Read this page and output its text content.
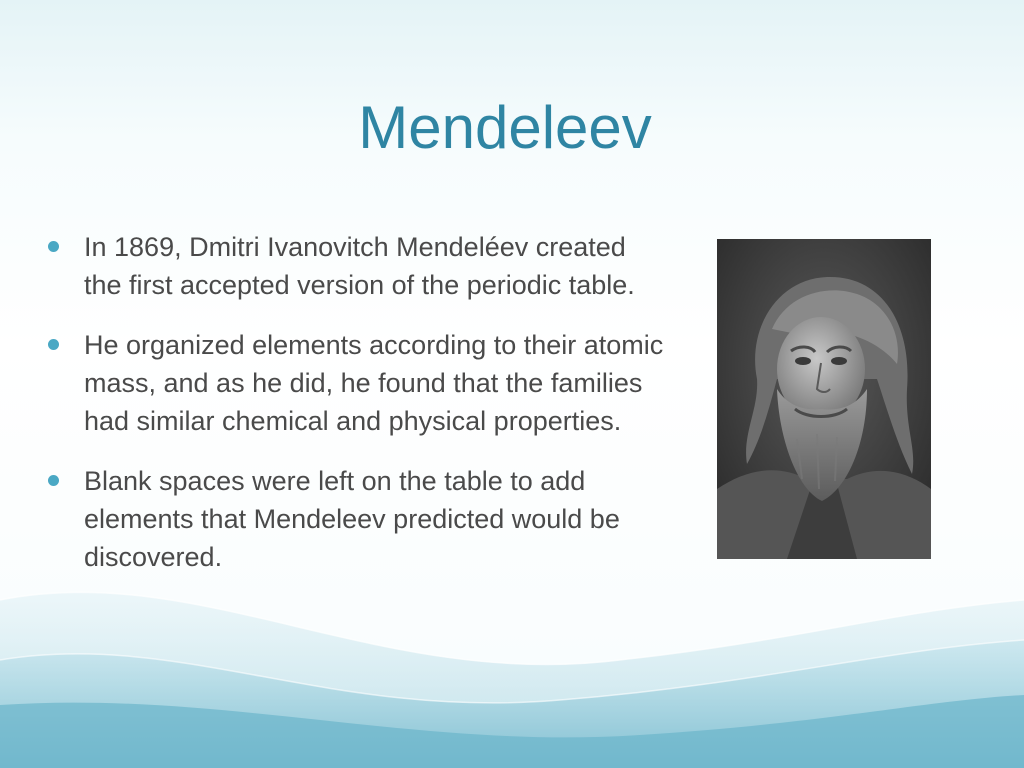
Mendeleev
In 1869, Dmitri Ivanovitch Mendeléev created the first accepted version of the periodic table.
He organized elements according to their atomic mass, and as he did, he found that the families had similar chemical and physical properties.
Blank spaces were left on the table to add elements that Mendeleev predicted would be discovered.
